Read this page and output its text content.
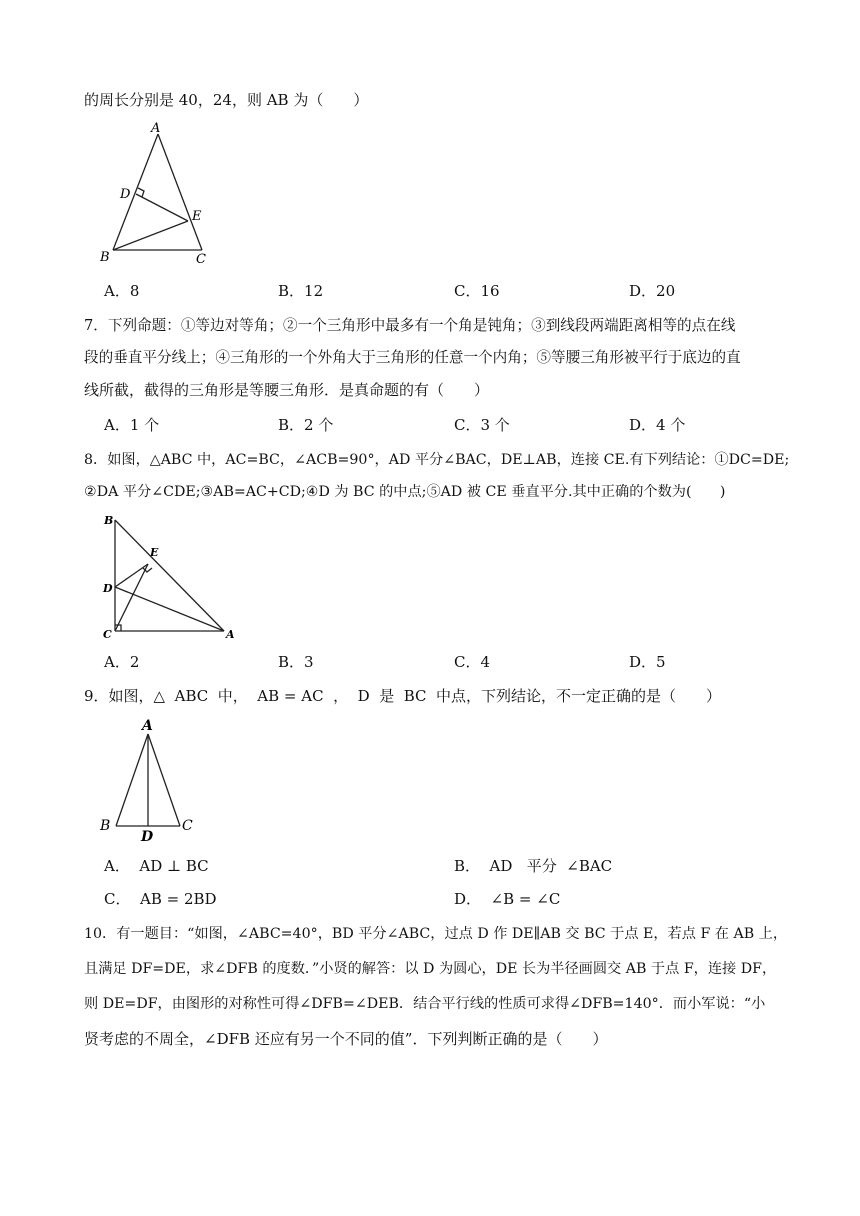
的周长分别是 40，24，则 AB 为（　　）
A
D
E
B	C
A．8	B．12	C．16	D．20
7．下列命题：①等边对等角；②一个三角形中最多有一个角是钝角；③到线段两端距离相等的点在线
段的垂直平分线上；④三角形的一个外角大于三角形的任意一个内角；⑤等腰三角形被平行于底边的直
线所截，截得的三角形是等腰三角形．是真命题的有（　　）
A．1 个	B．2 个	C．3 个	D．4 个
8．如图，△ABC 中，AC=BC，∠ACB=90°，AD 平分∠BAC，DE⊥AB，连接 CE.有下列结论：①DC=DE;
②DA 平分∠CDE;③AB=AC+CD;④D 为 BC 的中点;⑤AD 被 CE 垂直平分.其中正确的个数为(　　)
B
E
D
C	A
A．2	B．3	C．4	D．5
9．如图，△  ABC  中，  AB = AC  ，  D  是  BC  中点，下列结论，不一定正确的是（　　）
A
B	C
D
A．  AD ⊥ BC	B．  AD   平分  ∠BAC
C．  AB = 2BD	D．  ∠B = ∠C
10．有一题目：“如图，∠ABC=40°，BD 平分∠ABC，过点 D 作 DE∥AB 交 BC 于点 E，若点 F 在 AB 上，
且满足 DF=DE，求∠DFB 的度数．”小贤的解答：以 D 为圆心，DE 长为半径画圆交 AB 于点 F，连接 DF，
则 DE=DF，由图形的对称性可得∠DFB=∠DEB．结合平行线的性质可求得∠DFB=140°．而小军说：“小
贤考虑的不周全，∠DFB 还应有另一个不同的值”．下列判断正确的是（　　）
